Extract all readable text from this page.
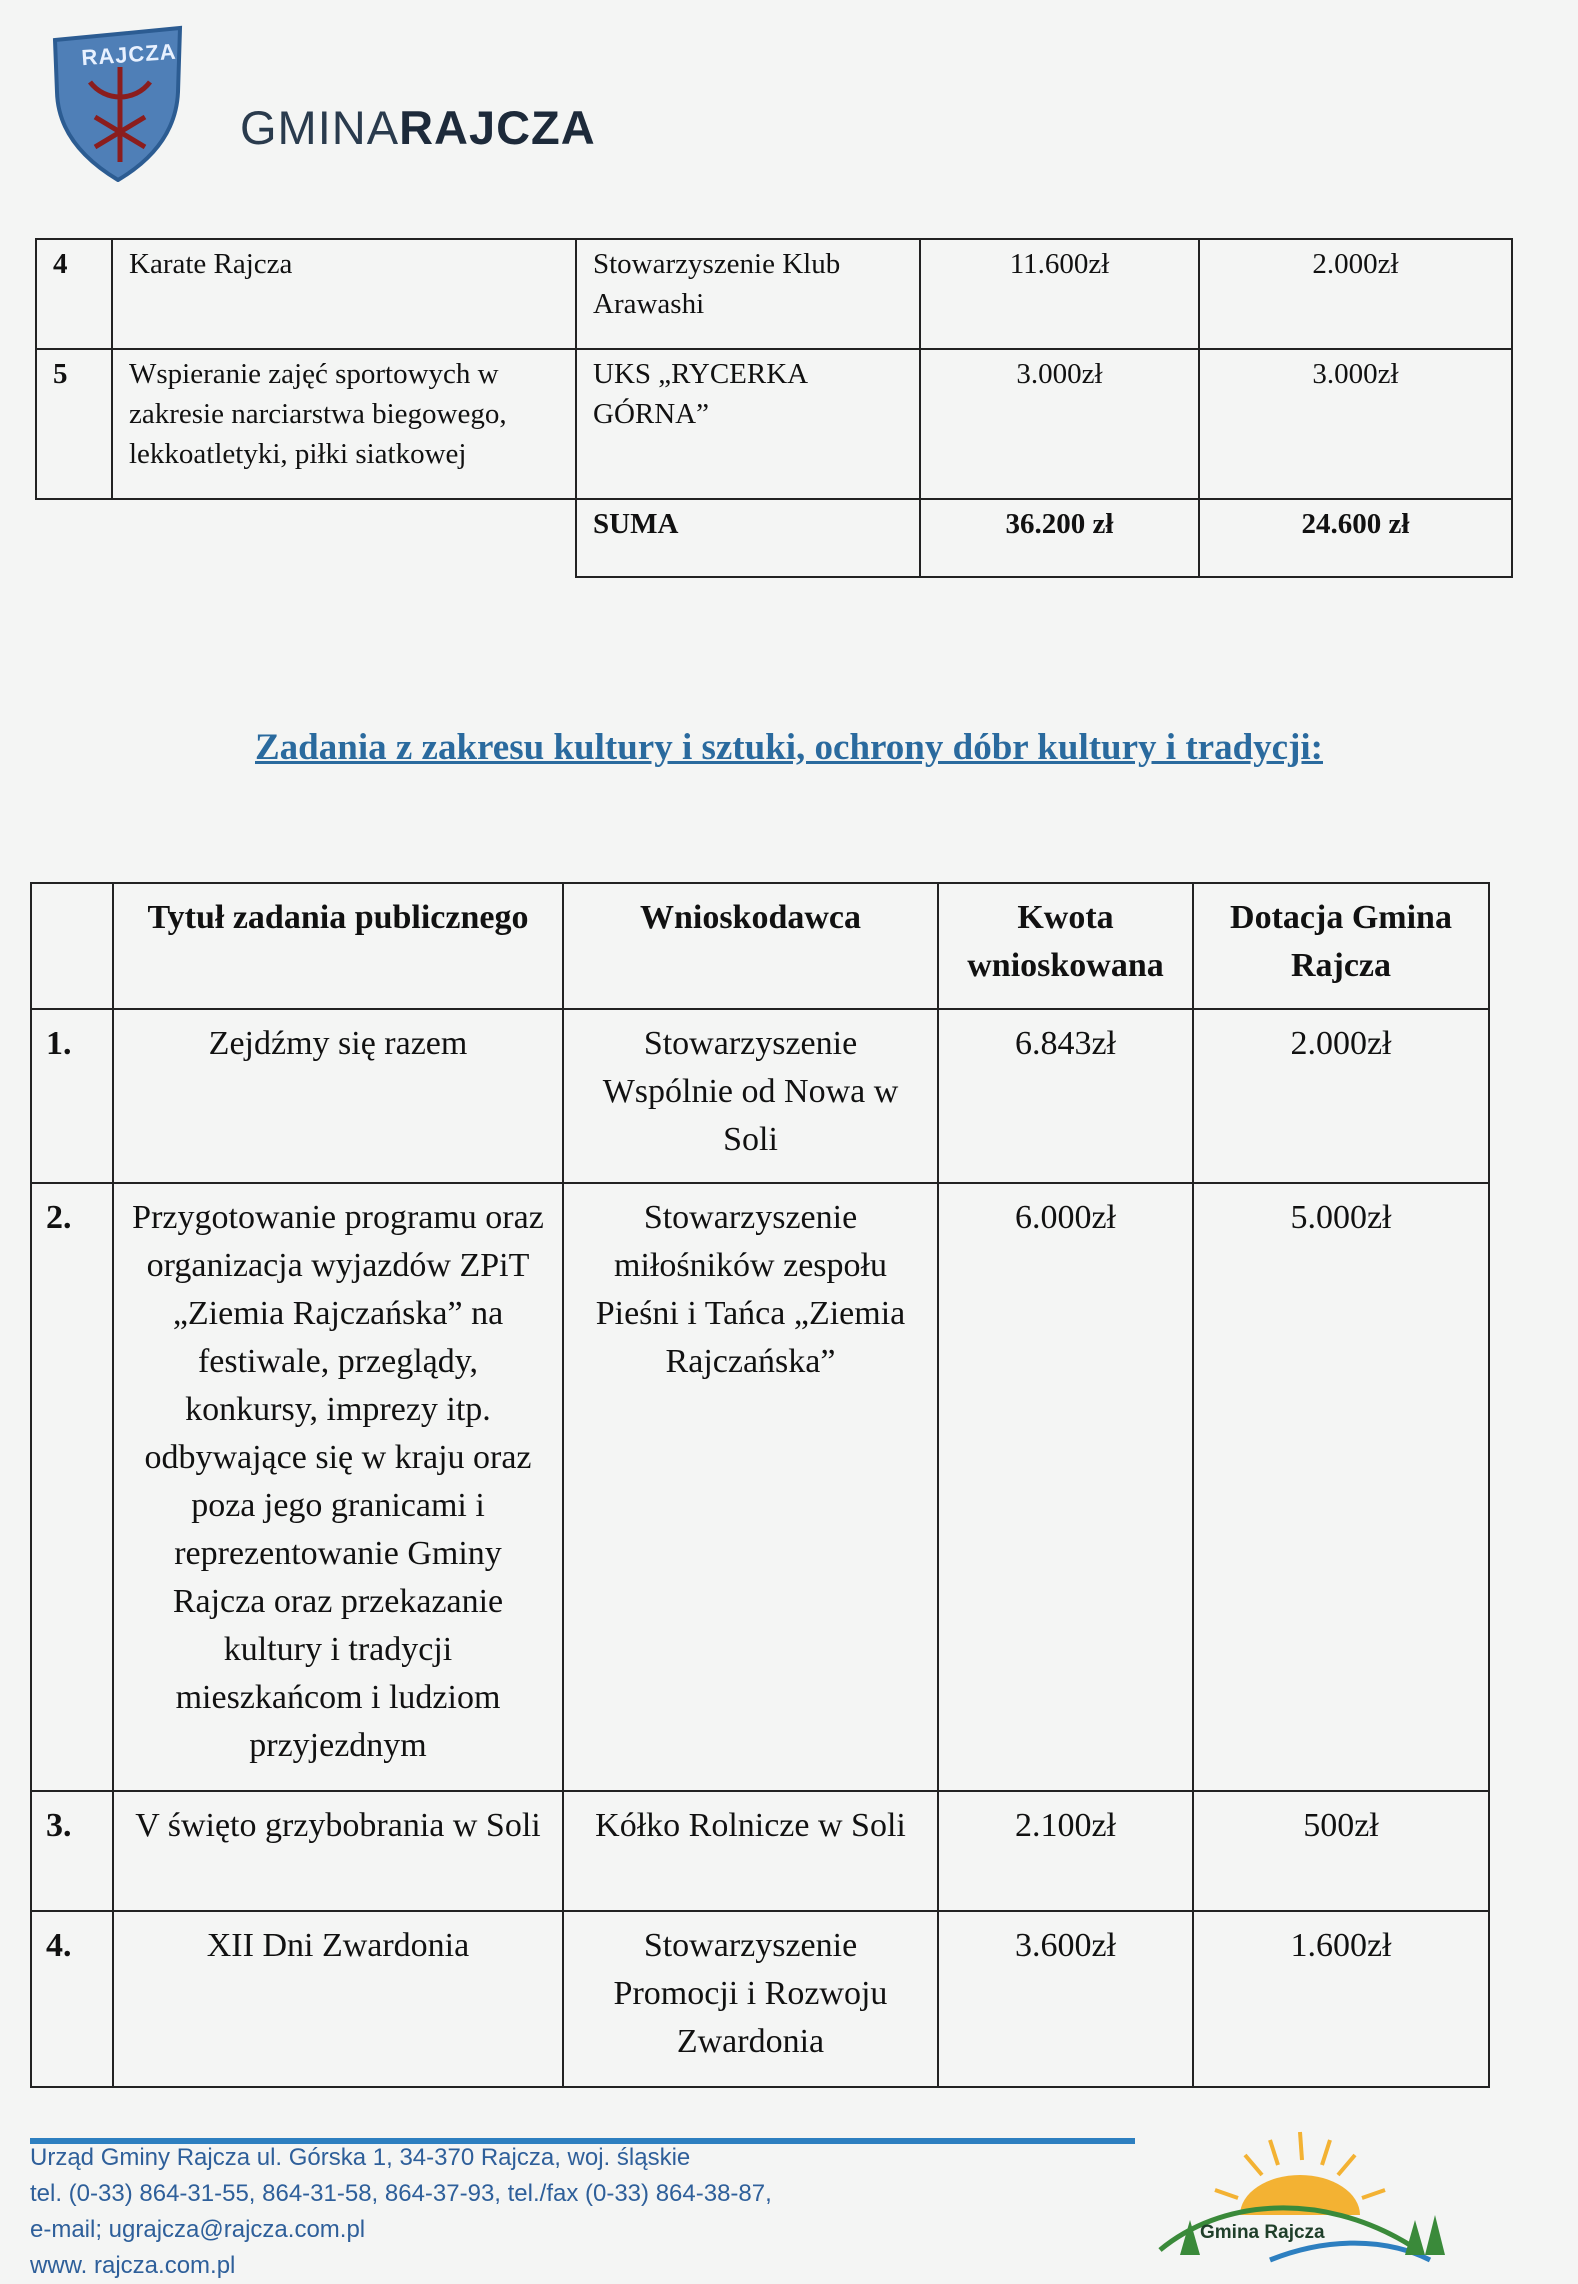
RAJCZA
GMINARAJCZA
4	Karate Rajcza	Stowarzyszenie Klub Arawashi	11.600zł	2.000zł
5	Wspieranie zajęć sportowych w zakresie narciarstwa biegowego, lekkoatletyki, piłki siatkowej	UKS „RYCERKA GÓRNA”	3.000zł	3.000zł
		SUMA	36.200 zł	24.600 zł
Zadania z zakresu kultury i sztuki, ochrony dóbr kultury i tradycji:
	Tytuł zadania publicznego	Wnioskodawca	Kwota wnioskowana	Dotacja Gmina Rajcza
1.	Zejdźmy się razem	Stowarzyszenie Wspólnie od Nowa w Soli	6.843zł	2.000zł
2.	Przygotowanie programu oraz organizacja wyjazdów ZPiT „Ziemia Rajczańska” na festiwale, przeglądy, konkursy, imprezy itp. odbywające się w kraju oraz poza jego granicami i reprezentowanie Gminy Rajcza oraz przekazanie kultury i tradycji mieszkańcom i ludziom przyjezdnym	Stowarzyszenie miłośników zespołu Pieśni i Tańca „Ziemia Rajczańska”	6.000zł	5.000zł
3.	V święto grzybobrania w Soli	Kółko Rolnicze w Soli	2.100zł	500zł
4.	XII Dni Zwardonia	Stowarzyszenie Promocji i Rozwoju Zwardonia	3.600zł	1.600zł
Urząd Gminy Rajcza ul. Górska 1, 34-370 Rajcza, woj. śląskie
tel. (0-33) 864-31-55, 864-31-58, 864-37-93, tel./fax (0-33) 864-38-87,
e-mail; ugrajcza@rajcza.com.pl
www. rajcza.com.pl
Gmina Rajcza
